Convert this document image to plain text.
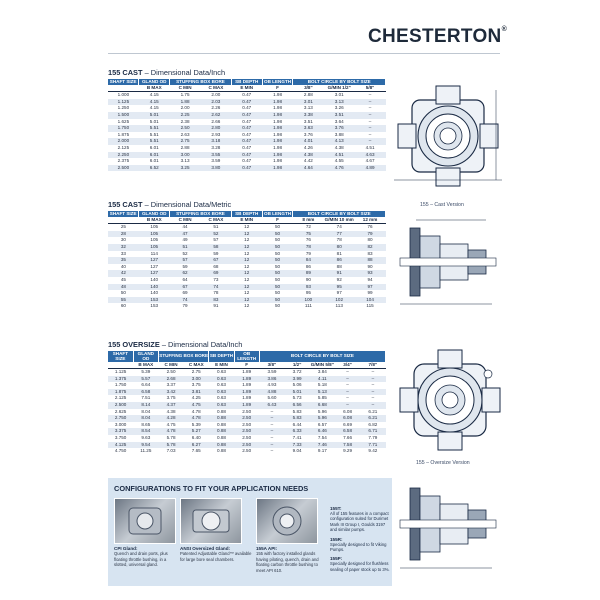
CHESTERTON®
155 CAST – Dimensional Data/Inch
SHAFT SIZE	GLAND OD	STUFFING BOX BORE		SB DEPTH	OB LENGTH	BOLT CIRCLE BY BOLT SIZE		
	B MAX	C MIN	C MAX	E MIN	F	3/8"	G/MIN 1/2"	5/8"
1.000	4.15	1.75	2.00	0.47	1.98	2.88	3.01	–
1.125	4.15	1.88	2.03	0.47	1.98	3.01	3.13	–
1.250	4.15	2.00	2.26	0.47	1.98	3.13	3.26	–
1.500	5.01	2.25	2.62	0.47	1.98	3.38	3.51	–
1.625	5.01	2.38	2.66	0.47	1.98	3.51	3.64	–
1.750	5.51	2.50	2.80	0.47	1.98	3.63	3.76	–
1.875	5.51	2.63	2.93	0.47	1.98	3.76	3.88	–
2.000	5.51	2.75	3.18	0.47	1.98	4.01	4.13	–
2.125	6.01	2.88	3.28	0.47	1.98	4.26	4.38	4.51
2.250	6.01	3.00	3.55	0.47	1.98	4.38	4.51	4.63
2.375	6.01	3.13	3.59	0.47	1.98	4.42	4.55	4.67
2.500	6.52	3.25	3.80	0.47	1.98	4.64	4.76	4.89
155 CAST – Dimensional Data/Metric
SHAFT SIZE	GLAND OD	STUFFING BOX BORE		SB DEPTH	OB LENGTH	BOLT CIRCLE BY BOLT SIZE		
	B MAX	C MIN	C MAX	E MIN	F	8 mm	G/MIN 10 mm	12 mm
25	105	44	51	12	50	72	74	76
28	105	47	52	12	50	75	77	79
30	105	49	57	12	50	76	78	80
32	105	51	58	12	50	78	80	82
33	114	52	59	12	50	79	81	83
35	127	57	67	12	50	84	86	88
40	127	59	68	12	50	86	88	90
42	127	62	69	12	50	89	91	93
45	140	64	73	12	50	90	92	94
48	140	67	74	12	50	93	95	97
50	140	69	78	12	50	95	97	99
55	153	74	83	12	50	100	102	104
60	153	79	91	12	50	111	113	115
155 OVERSIZE – Dimensional Data/Inch
SHAFT SIZE	GLAND OD	STUFFING BOX BORE		SB DEPTH	OB LENGTH	BOLT CIRCLE BY BOLT SIZE				
	B MAX	C MIN	C MAX	E MIN	F	3/8"	1/2"	G/MIN 5/8"	3/4"	7/8"
1.125	5.39	2.50	2.75	0.63	1.89	3.59	3.72	3.84	–	–
1.375	5.57	2.68	3.00	0.63	1.89	3.86	3.99	4.11	–	–
1.750	6.64	3.37	3.75	0.63	1.89	4.93	5.06	5.18	–	–
1.875	6.58	3.42	3.81	0.63	1.89	4.88	5.01	5.13	–	–
2.125	7.51	3.75	4.25	0.63	1.89	5.60	5.73	5.85	–	–
2.500	8.14	4.37	4.75	0.63	1.89	6.43	6.56	6.68	–	–
2.625	8.04	4.38	4.78	0.88	2.50	–	5.83	5.96	6.08	6.21
2.750	8.04	4.28	4.78	0.88	2.50	–	5.83	5.96	6.08	6.21
3.000	8.65	4.75	5.39	0.88	2.50	–	6.44	6.57	6.69	6.82
3.375	8.54	4.78	5.27	0.88	2.50	–	6.33	6.46	6.58	6.71
3.750	9.63	5.78	6.40	0.88	2.50	–	7.41	7.54	7.66	7.79
4.125	9.54	5.78	6.27	0.88	2.50	–	7.33	7.46	7.58	7.71
4.750	11.25	7.03	7.65	0.88	2.50	–	9.04	9.17	9.29	9.42
155 – Cast Version
155 – Oversize Version
CONFIGURATIONS TO FIT YOUR APPLICATION NEEDS
CPI Gland:
Quench and drain ports, plus floating throttle bushing, in a slotted, universal gland.
ANSI Oversized Gland:
Patented Adjustable Gland™ available for large bore seal chambers.
155A API:
155 with factory installed glands having piloting, quench, drain and floating carbon throttle bushing to meet API 610.
155T:
All of 155 features in a compact configuration suited for Durimet Mark III Group I, Goulds 3197 and similar pumps.
155R:
Specially designed to fit Viking Pumps.
155P:
Specially designed for flushless sealing of paper stock up to 3%.
